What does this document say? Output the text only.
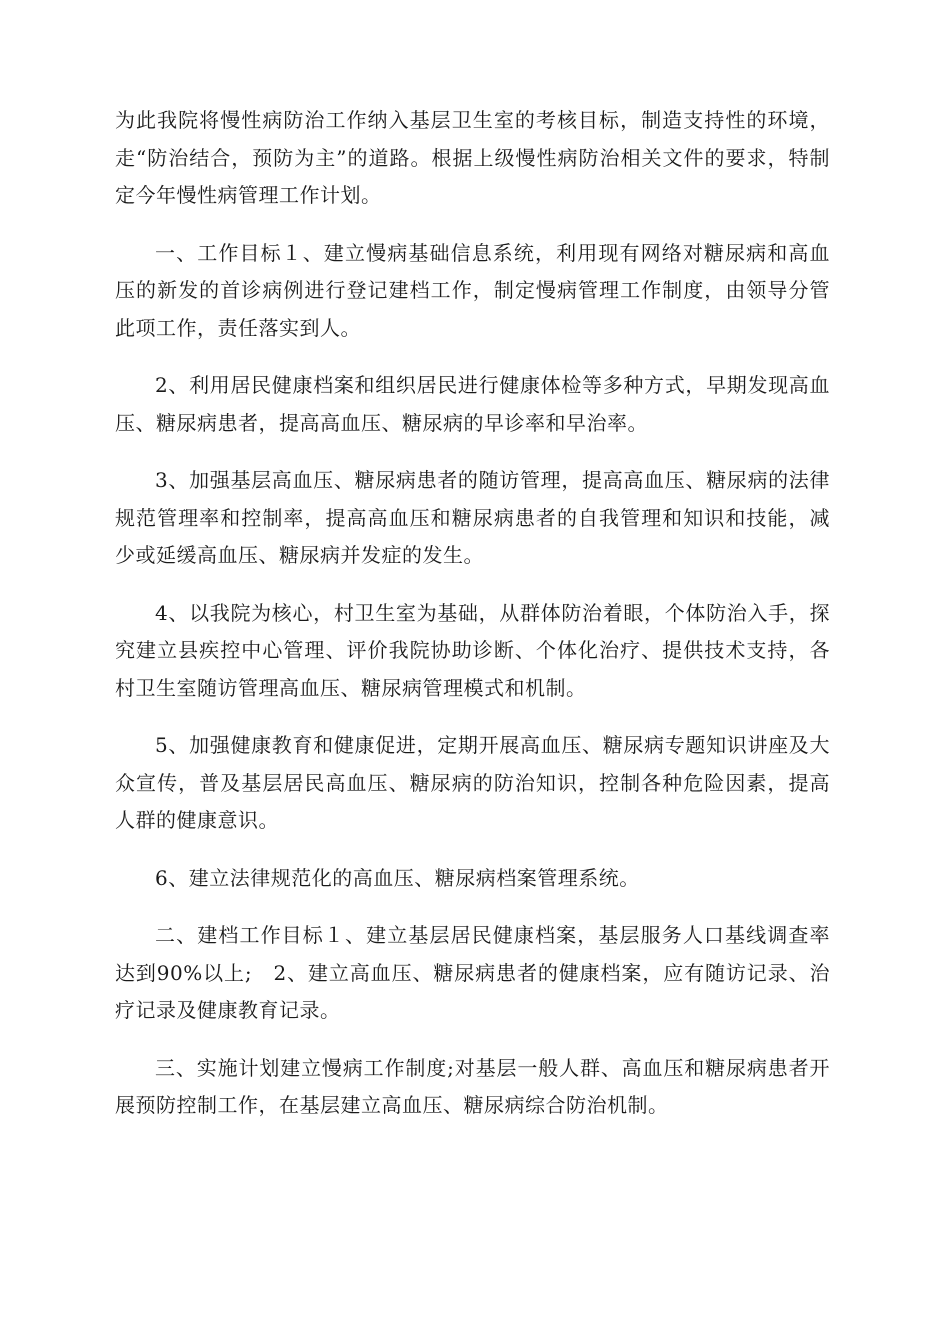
为此我院将慢性病防治工作纳入基层卫生室的考核目标，制造支持性的环境，走“防治结合，预防为主”的道路。根据上级慢性病防治相关文件的要求，特制定今年慢性病管理工作计划。

一、工作目标１、建立慢病基础信息系统，利用现有网络对糖尿病和高血压的新发的首诊病例进行登记建档工作，制定慢病管理工作制度，由领导分管此项工作，责任落实到人。

2、利用居民健康档案和组织居民进行健康体检等多种方式，早期发现高血压、糖尿病患者，提高高血压、糖尿病的早诊率和早治率。

3、加强基层高血压、糖尿病患者的随访管理，提高高血压、糖尿病的法律规范管理率和控制率，提高高血压和糖尿病患者的自我管理和知识和技能，减少或延缓高血压、糖尿病并发症的发生。

4、以我院为核心，村卫生室为基础，从群体防治着眼，个体防治入手，探究建立县疾控中心管理、评价我院协助诊断、个体化治疗、提供技术支持，各村卫生室随访管理高血压、糖尿病管理模式和机制。

5、加强健康教育和健康促进，定期开展高血压、糖尿病专题知识讲座及大众宣传，普及基层居民高血压、糖尿病的防治知识，控制各种危险因素，提高人群的健康意识。

6、建立法律规范化的高血压、糖尿病档案管理系统。

二、建档工作目标１、建立基层居民健康档案，基层服务人口基线调查率达到90%以上;　2、建立高血压、糖尿病患者的健康档案，应有随访记录、治疗记录及健康教育记录。

三、实施计划建立慢病工作制度;对基层一般人群、高血压和糖尿病患者开展预防控制工作，在基层建立高血压、糖尿病综合防治机制。
